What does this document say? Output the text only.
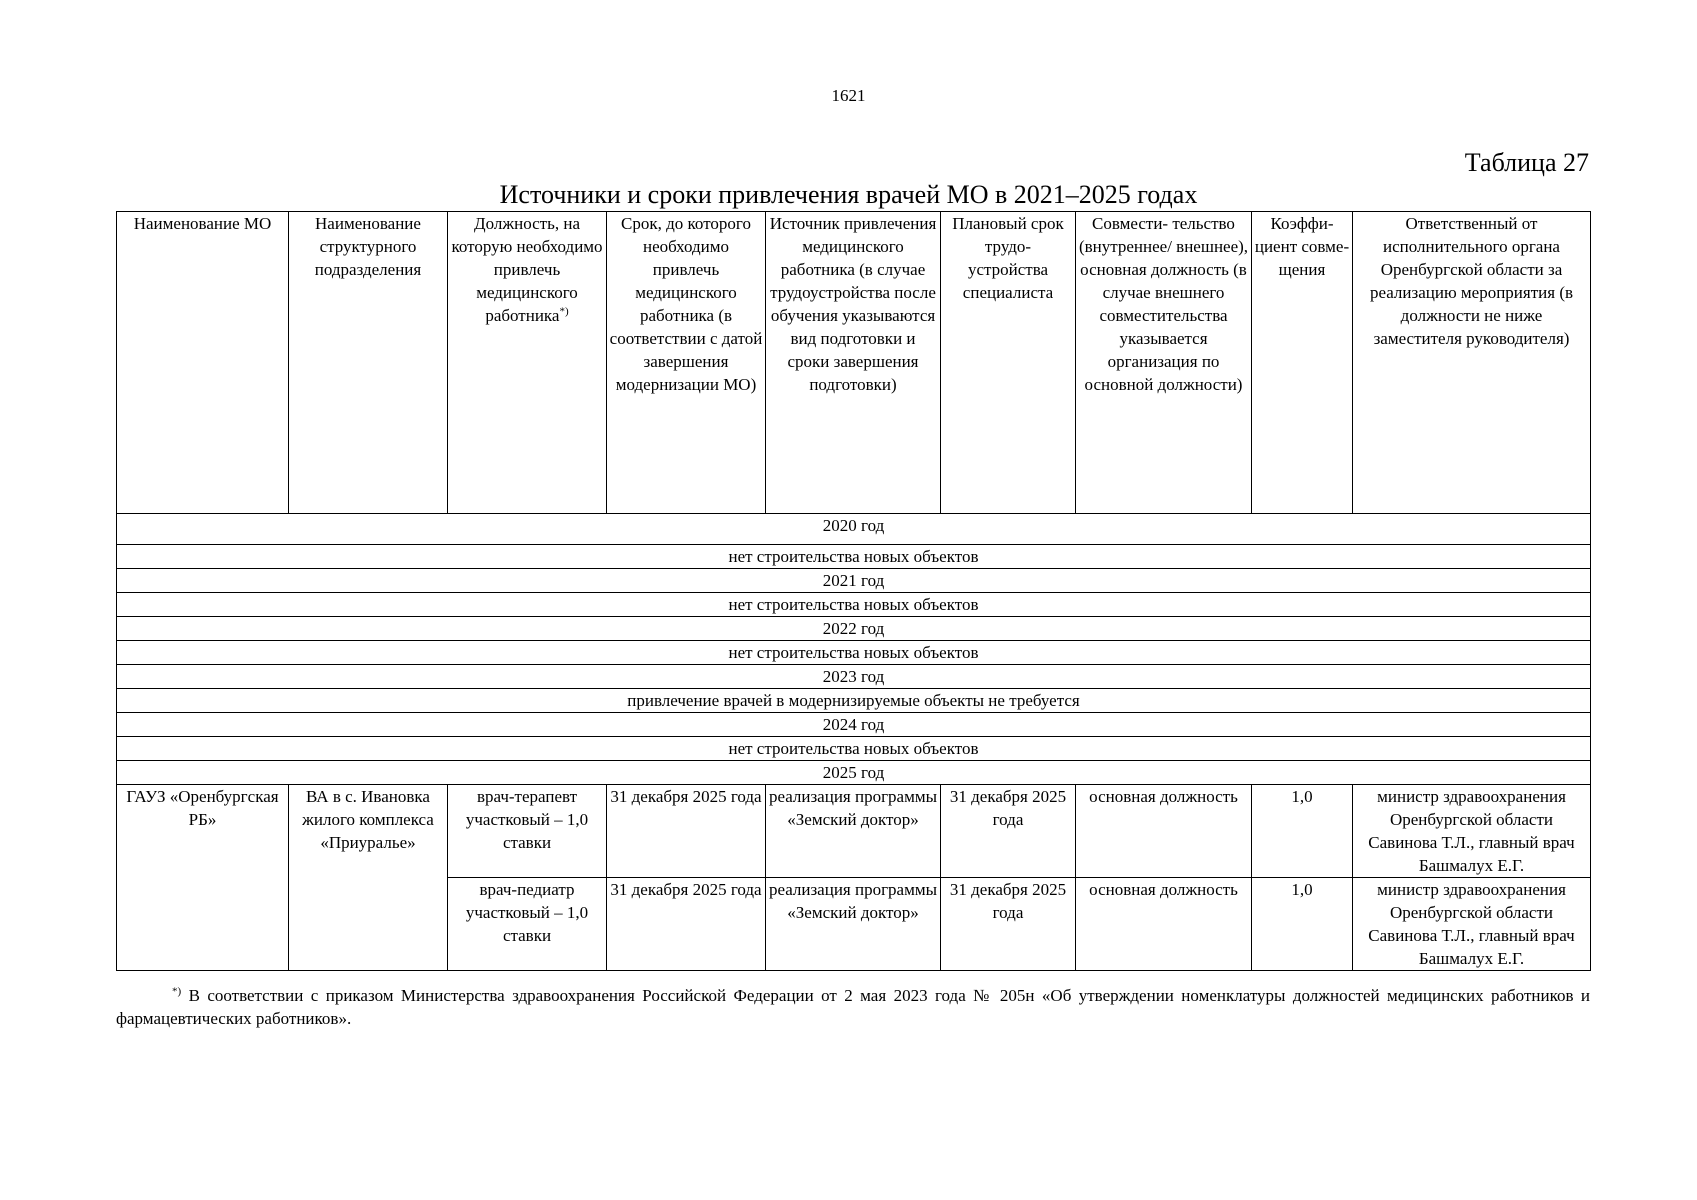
1621
Таблица 27
Источники и сроки привлечения врачей МО в 2021–2025 годах
Наименование МО	Наименование структурного подразделения	Должность, на которую необходимо привлечь медицинского работника*)	Срок, до которого необходимо привлечь медицинского работника (в соответствии с датой завершения модернизации МО)	Источник привлечения медицинского работника (в случае трудоустройства после обучения указываются вид подготовки и сроки завершения подготовки)	Плановый срок трудо- устройства специалиста	Совмести- тельство (внутреннее/ внешнее), основная должность (в случае внешнего совместительства указывается организация по основной должности)	Коэффи- циент совме- щения	Ответственный от исполнительного органа Оренбургской области за реализацию мероприятия (в должности не ниже заместителя руководителя)
2020 год								
нет строительства новых объектов								
2021 год								
нет строительства новых объектов								
2022 год								
нет строительства новых объектов								
2023 год								
привлечение врачей в модернизируемые объекты не требуется								
2024 год								
нет строительства новых объектов								
2025 год								
ГАУЗ «Оренбургская РБ»	ВА в с. Ивановка жилого комплекса «Приуралье»	врач-терапевт участковый – 1,0 ставки	31 декабря 2025 года	реализация программы «Земский доктор»	31 декабря 2025 года	основная должность	1,0	министр здравоохранения Оренбургской области Савинова Т.Л., главный врач Башмалух Е.Г.
		врач-педиатр участковый – 1,0 ставки	31 декабря 2025 года	реализация программы «Земский доктор»	31 декабря 2025 года	основная должность	1,0	министр здравоохранения Оренбургской области Савинова Т.Л., главный врач Башмалух Е.Г.
*) В соответствии с приказом Министерства здравоохранения Российской Федерации от 2 мая 2023 года № 205н «Об утверждении номенклатуры должностей медицинских работников и фармацевтических работников».
